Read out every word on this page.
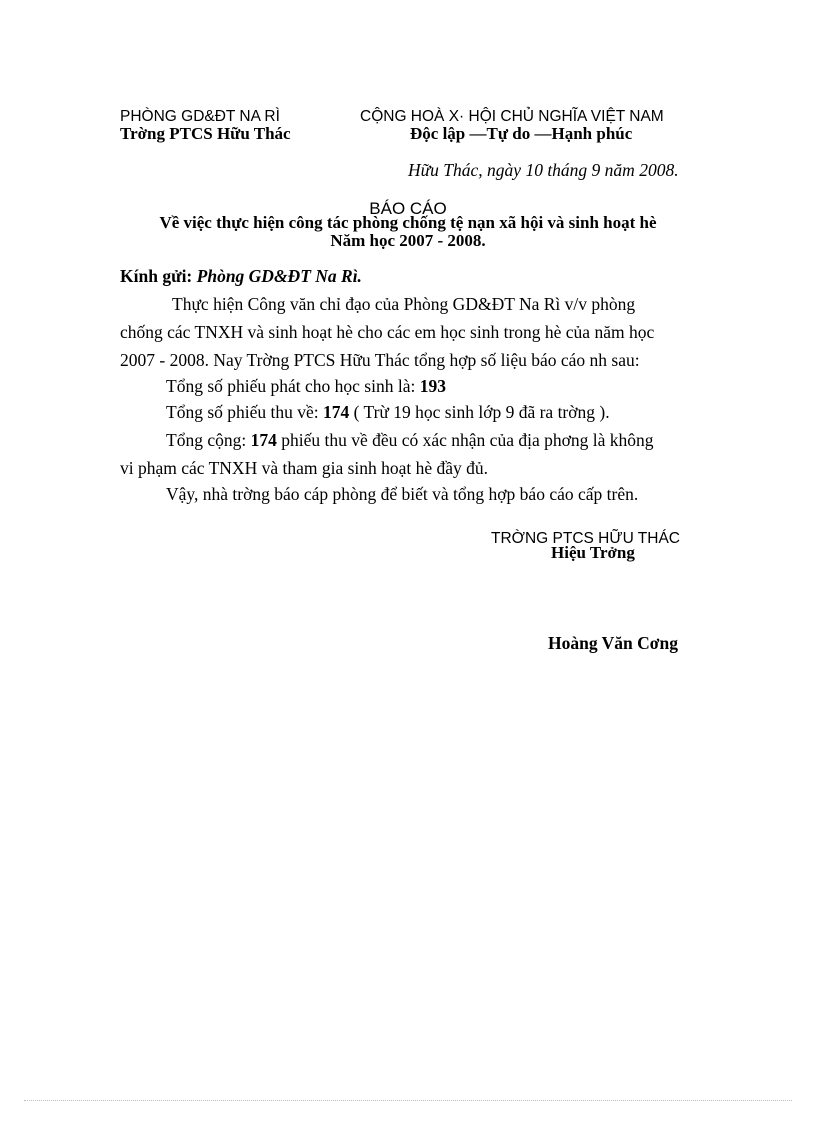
PHÒNG GD&ĐT NA RÌ
Trờng PTCS Hữu Thác
CỘNG HOÀ X· HỘI CHỦ NGHĨA VIỆT NAM
Độc lập —Tự do —Hạnh phúc
Hữu Thác, ngày 10 tháng 9 năm 2008.
BÁO CÁO
Về việc thực hiện công tác phòng chống tệ nạn xã hội và sinh hoạt hè
Năm học 2007 - 2008.
Kính gửi: Phòng GD&ĐT Na Rì.
Thực hiện Công văn chỉ đạo của Phòng GD&ĐT Na Rì v/v phòng
chống các TNXH và sinh hoạt hè cho các em học sinh trong hè của năm học
2007 - 2008. Nay Trờng PTCS Hữu Thác tổng hợp số liệu báo cáo nh sau:
Tổng số phiếu phát cho học sinh là: 193
Tổng số phiếu thu về: 174 ( Trừ 19 học sinh lớp 9 đã ra trờng ).
Tổng cộng: 174 phiếu thu về đều có xác nhận của địa phơng là không
vi phạm các TNXH và tham gia sinh hoạt hè đầy đủ.
Vậy, nhà trờng báo cáp phòng để biết và tổng hợp báo cáo cấp trên.
TRỜNG PTCS HỮU THÁC
Hiệu Trởng
Hoàng Văn Cơng
